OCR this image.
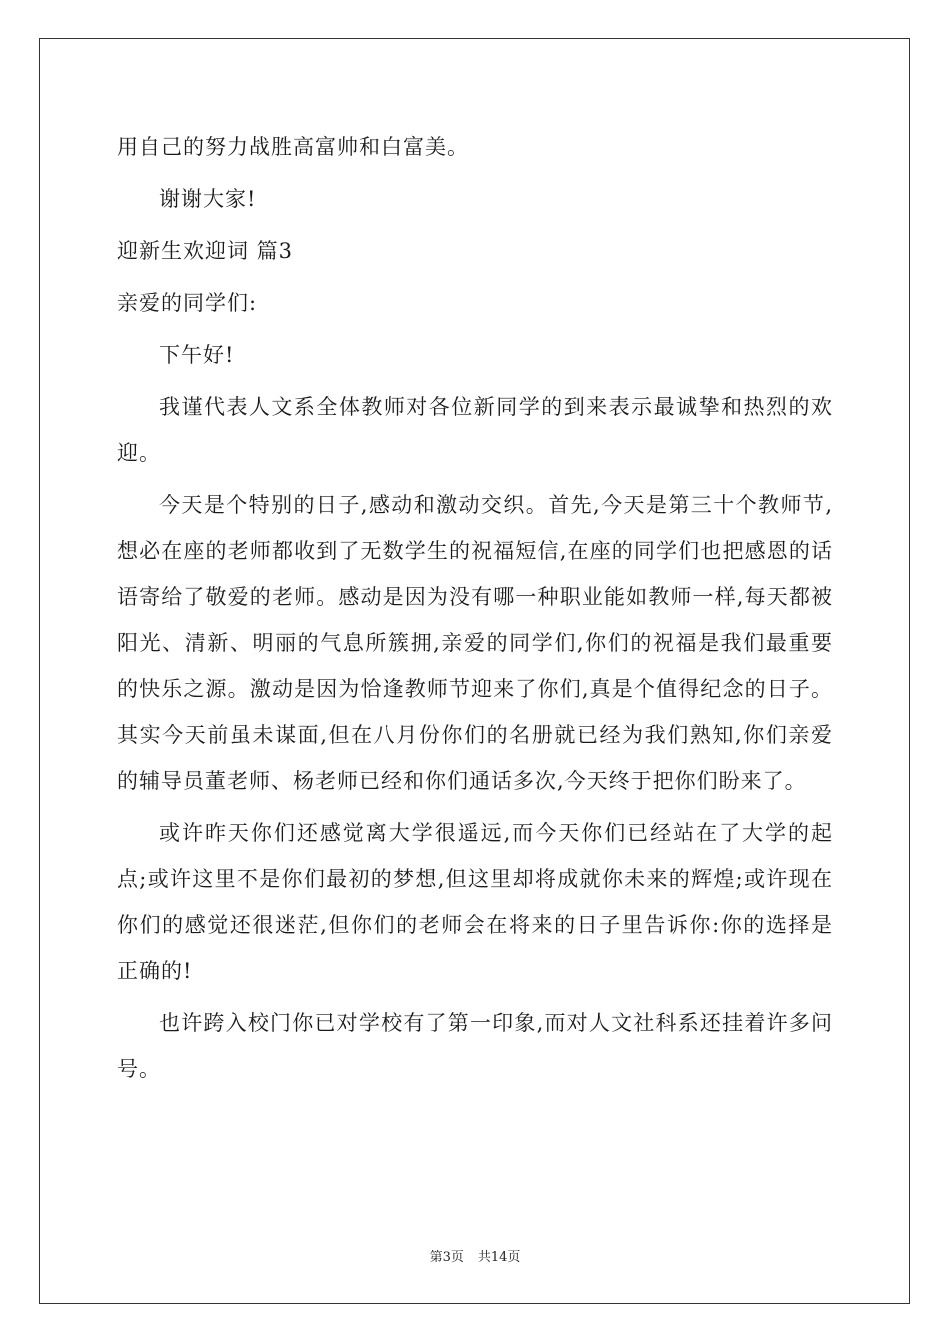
用自己的努力战胜高富帅和白富美。

谢谢大家!

迎新生欢迎词 篇3

亲爱的同学们:

下午好!

我谨代表人文系全体教师对各位新同学的到来表示最诚挚和热烈的欢迎。

今天是个特别的日子,感动和激动交织。首先,今天是第三十个教师节,想必在座的老师都收到了无数学生的祝福短信,在座的同学们也把感恩的话语寄给了敬爱的老师。感动是因为没有哪一种职业能如教师一样,每天都被阳光、清新、明丽的气息所簇拥,亲爱的同学们,你们的祝福是我们最重要的快乐之源。激动是因为恰逢教师节迎来了你们,真是个值得纪念的日子。其实今天前虽未谋面,但在八月份你们的名册就已经为我们熟知,你们亲爱的辅导员董老师、杨老师已经和你们通话多次,今天终于把你们盼来了。

或许昨天你们还感觉离大学很遥远,而今天你们已经站在了大学的起点;或许这里不是你们最初的梦想,但这里却将成就你未来的辉煌;或许现在你们的感觉还很迷茫,但你们的老师会在将来的日子里告诉你:你的选择是正确的!

也许跨入校门你已对学校有了第一印象,而对人文社科系还挂着许多问号。

第3页 共14页
